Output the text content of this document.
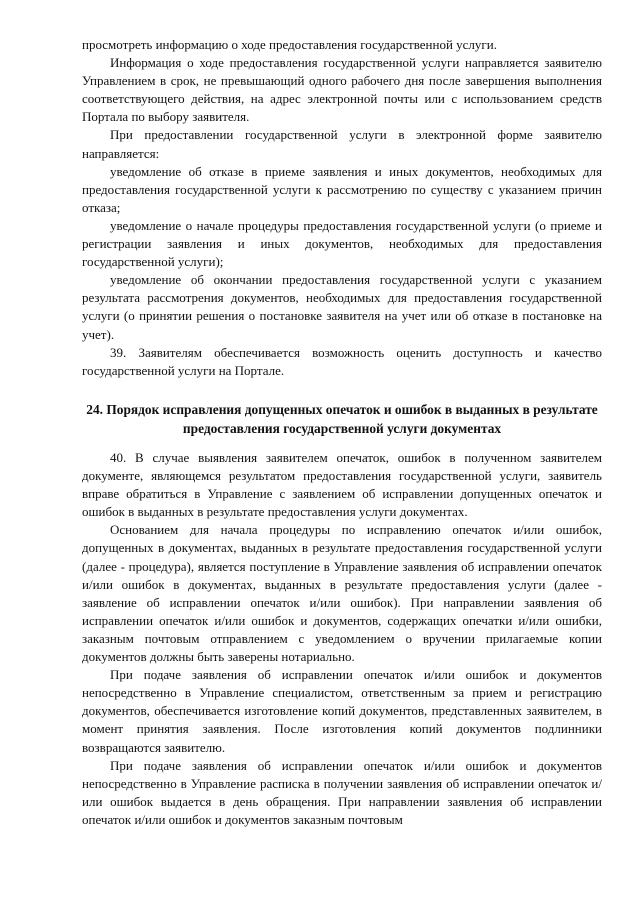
просмотреть информацию о ходе предоставления государственной услуги.

Информация о ходе предоставления государственной услуги направляется заявителю Управлением в срок, не превышающий одного рабочего дня после завершения выполнения соответствующего действия, на адрес электронной почты или с использованием средств Портала по выбору заявителя.

При предоставлении государственной услуги в электронной форме заявителю направляется:

уведомление об отказе в приеме заявления и иных документов, необходимых для предоставления государственной услуги к рассмотрению по существу с указанием причин отказа;

уведомление о начале процедуры предоставления государственной услуги (о приеме и регистрации заявления и иных документов, необходимых для предоставления государственной услуги);

уведомление об окончании предоставления государственной услуги с указанием результата рассмотрения документов, необходимых для предоставления государственной услуги (о принятии решения о постановке заявителя на учет или об отказе в постановке на учет).

39. Заявителям обеспечивается возможность оценить доступность и качество государственной услуги на Портале.

24. Порядок исправления допущенных опечаток и ошибок в выданных в результате предоставления государственной услуги документах

40. В случае выявления заявителем опечаток, ошибок в полученном заявителем документе, являющемся результатом предоставления государственной услуги, заявитель вправе обратиться в Управление с заявлением об исправлении допущенных опечаток и ошибок в выданных в результате предоставления услуги документах.

Основанием для начала процедуры по исправлению опечаток и/или ошибок, допущенных в документах, выданных в результате предоставления государственной услуги (далее - процедура), является поступление в Управление заявления об исправлении опечаток и/или ошибок в документах, выданных в результате предоставления услуги (далее - заявление об исправлении опечаток и/или ошибок). При направлении заявления об исправлении опечаток и/или ошибок и документов, содержащих опечатки и/или ошибки, заказным почтовым отправлением с уведомлением о вручении прилагаемые копии документов должны быть заверены нотариально.

При подаче заявления об исправлении опечаток и/или ошибок и документов непосредственно в Управление специалистом, ответственным за прием и регистрацию документов, обеспечивается изготовление копий документов, представленных заявителем, в момент принятия заявления. После изготовления копий документов подлинники возвращаются заявителю.

При подаче заявления об исправлении опечаток и/или ошибок и документов непосредственно в Управление расписка в получении заявления об исправлении опечаток и/или ошибок выдается в день обращения. При направлении заявления об исправлении опечаток и/или ошибок и документов заказным почтовым
